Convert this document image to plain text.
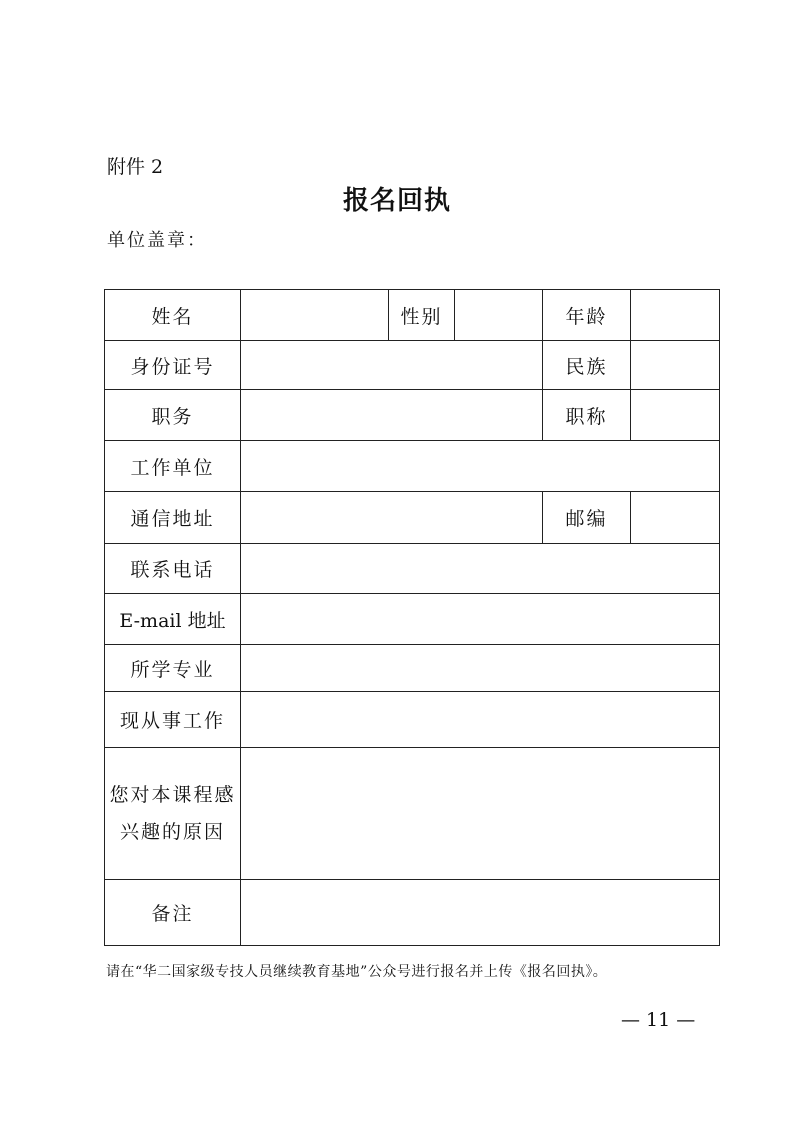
附件 2
报名回执
单位盖章：
姓名		性别		年龄	
身份证号				民族	
职务				职称	
工作单位					
通信地址				邮编	
联系电话					
E-mail 地址					
所学专业					
现从事工作					
您对本课程感
兴趣的原因					
备注					
请在“华二国家级专技人员继续教育基地”公众号进行报名并上传《报名回执》。
— 11 —
